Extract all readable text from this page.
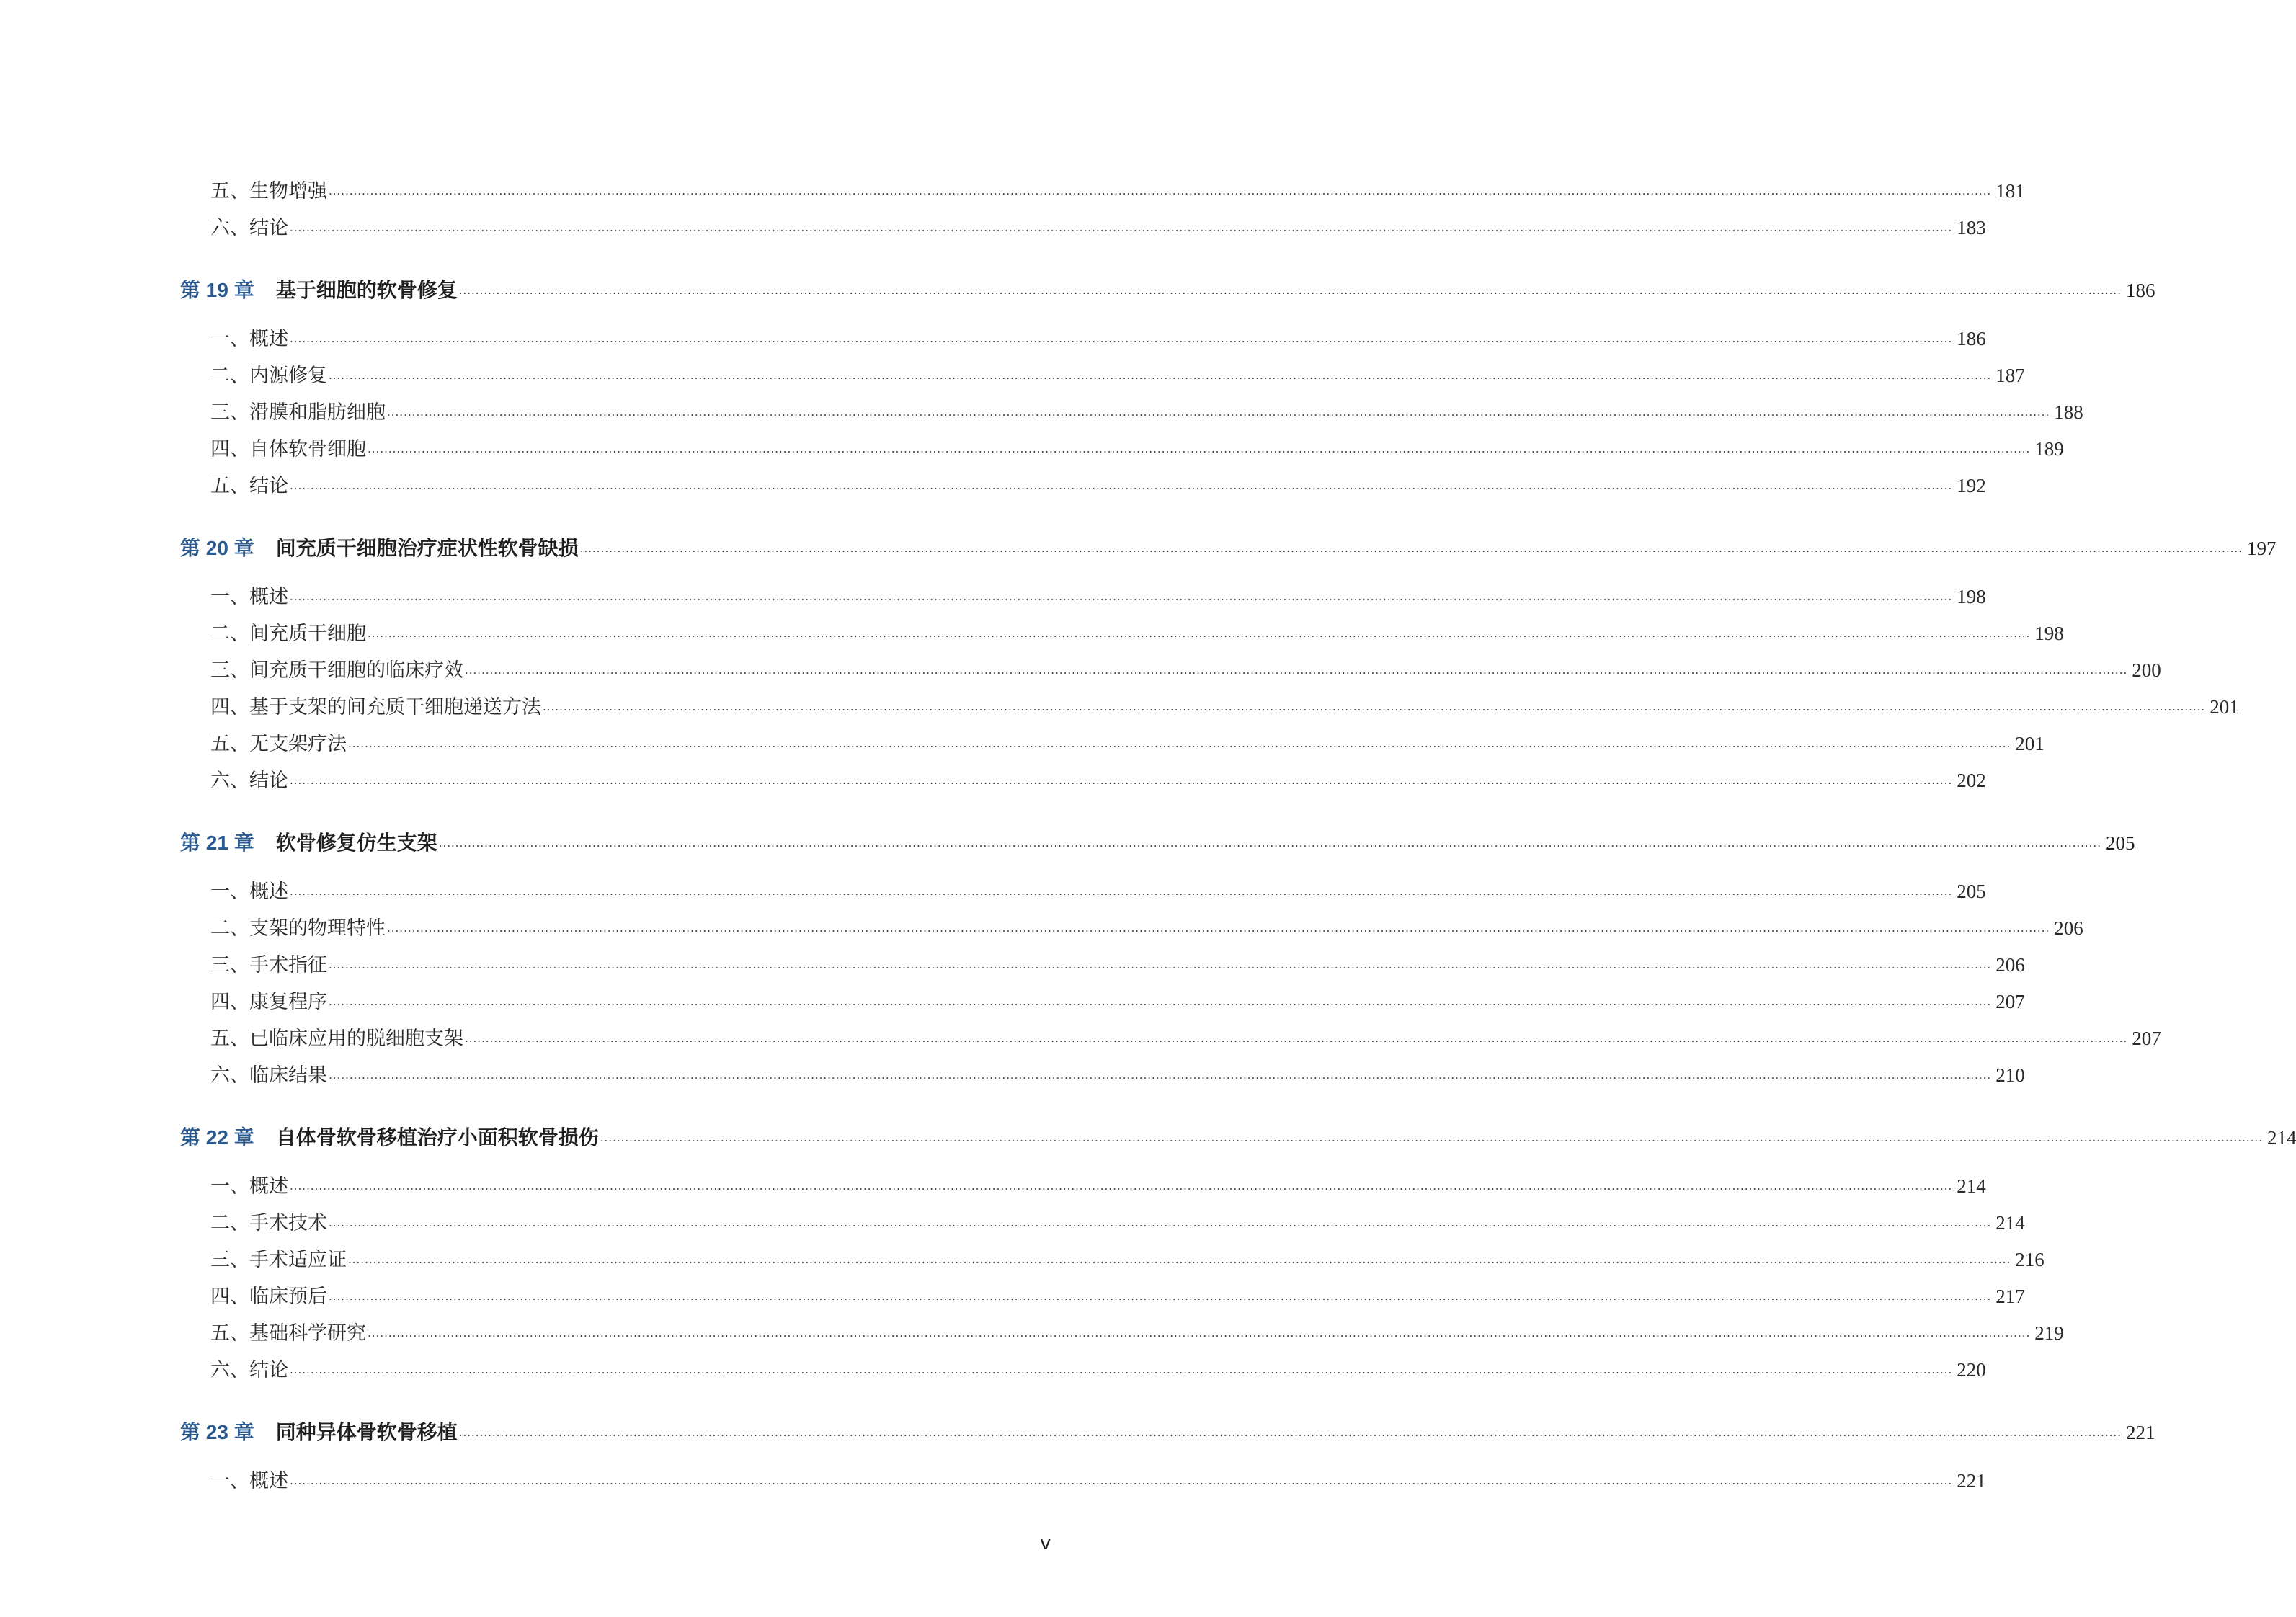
五、生物增强 ················································································································································································································································································································································································································ 181
六、结论 ················································································································································································································································································································································································································ 183
第 19 章 基于细胞的软骨修复 ················································································································································································································································································································································································································ 186
一、概述 ················································································································································································································································································································································································································ 186
二、内源修复 ················································································································································································································································································································································································································ 187
三、滑膜和脂肪细胞 ················································································································································································································································································································································································································ 188
四、自体软骨细胞 ················································································································································································································································································································································································································ 189
五、结论 ················································································································································································································································································································································································································ 192
第 20 章 间充质干细胞治疗症状性软骨缺损 ················································································································································································································································································································································································································ 197
一、概述 ················································································································································································································································································································································································································ 198
二、间充质干细胞 ················································································································································································································································································································································································································ 198
三、间充质干细胞的临床疗效 ················································································································································································································································································································································································································ 200
四、基于支架的间充质干细胞递送方法 ················································································································································································································································································································································································································ 201
五、无支架疗法 ················································································································································································································································································································································································································ 201
六、结论 ················································································································································································································································································································································································································ 202
第 21 章 软骨修复仿生支架 ················································································································································································································································································································································································································ 205
一、概述 ················································································································································································································································································································································································································ 205
二、支架的物理特性 ················································································································································································································································································································································································································ 206
三、手术指征 ················································································································································································································································································································································································································ 206
四、康复程序 ················································································································································································································································································································································································································ 207
五、已临床应用的脱细胞支架 ················································································································································································································································································································································································································ 207
六、临床结果 ················································································································································································································································································································································································································ 210
第 22 章 自体骨软骨移植治疗小面积软骨损伤 ················································································································································································································································································································································································································ 214
一、概述 ················································································································································································································································································································································································································ 214
二、手术技术 ················································································································································································································································································································································································································ 214
三、手术适应证 ················································································································································································································································································································································································································ 216
四、临床预后 ················································································································································································································································································································································································································ 217
五、基础科学研究 ················································································································································································································································································································································································································ 219
六、结论 ················································································································································································································································································································································································································ 220
第 23 章 同种异体骨软骨移植 ················································································································································································································································································································································································································ 221
一、概述 ················································································································································································································································································································································································································ 221
v
